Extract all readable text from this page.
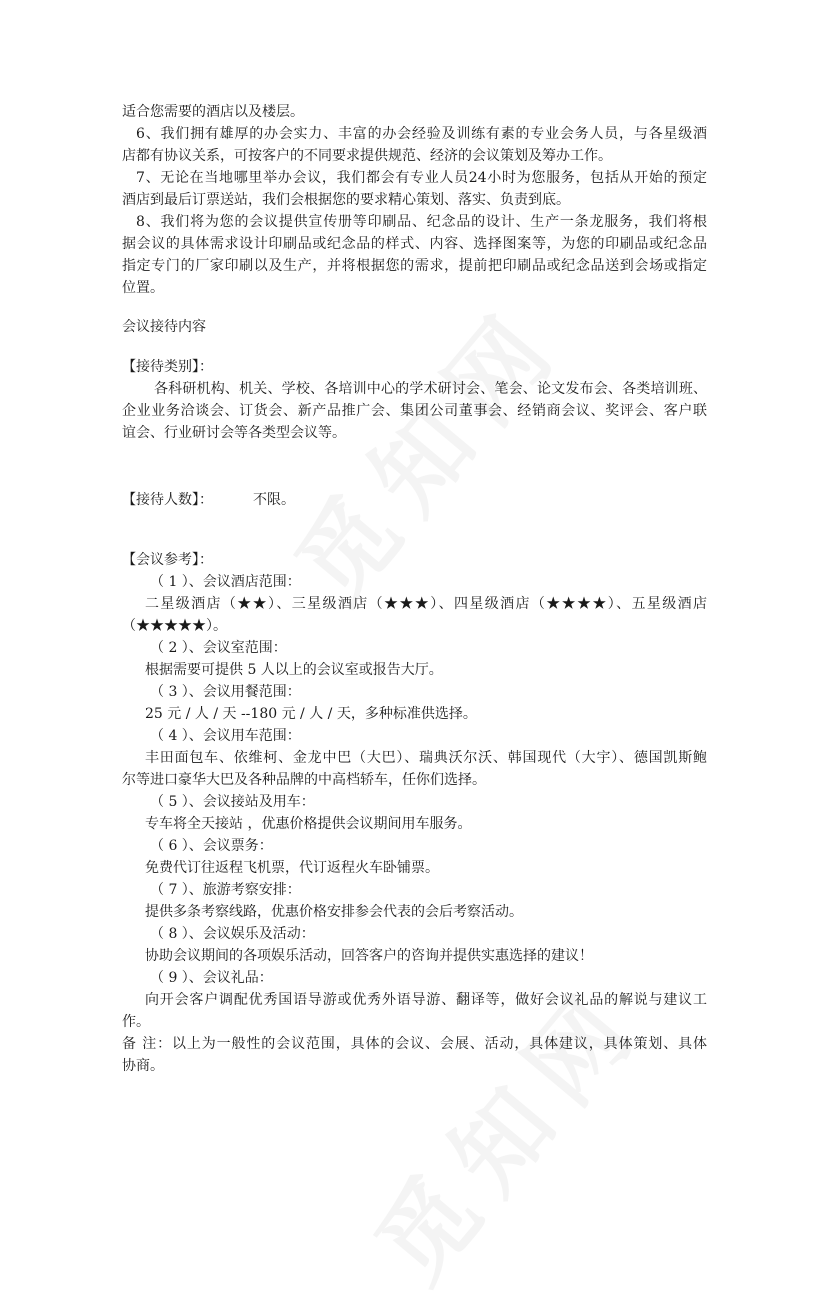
适合您需要的酒店以及楼层。
6、我们拥有雄厚的办会实力、丰富的办会经验及训练有素的专业会务人员，与各星级酒
店都有协议关系，可按客户的不同要求提供规范、经济的会议策划及筹办工作。
7、无论在当地哪里举办会议，我们都会有专业人员24小时为您服务，包括从开始的预定
酒店到最后订票送站，我们会根据您的要求精心策划、落实、负责到底。
8、我们将为您的会议提供宣传册等印刷品、纪念品的设计、生产一条龙服务，我们将根
据会议的具体需求设计印刷品或纪念品的样式、内容、选择图案等，为您的印刷品或纪念品
指定专门的厂家印刷以及生产，并将根据您的需求，提前把印刷品或纪念品送到会场或指定
位置。
会议接待内容
【接待类别】：
各科研机构、机关、学校、各培训中心的学术研讨会、笔会、论文发布会、各类培训班、
企业业务洽谈会、订货会、新产品推广会、集团公司董事会、经销商会议、奖评会、客户联
谊会、行业研讨会等各类型会议等。
【接待人数】：	不限。
【会议参考】：
（ 1 ）、会议酒店范围：
二星级酒店（★★）、三星级酒店（★★★）、四星级酒店（★★★★）、五星级酒店
（★★★★★）。
（ 2 ）、会议室范围：
根据需要可提供 5 人以上的会议室或报告大厅。
（ 3 ）、会议用餐范围：
25 元 / 人 / 天 --180 元 / 人 / 天，多种标准供选择。
（ 4 ）、会议用车范围：
丰田面包车、依维柯、金龙中巴（大巴）、瑞典沃尔沃、韩国现代（大宇）、德国凯斯鲍
尔等进口豪华大巴及各种品牌的中高档轿车，任你们选择。
（ 5 ）、会议接站及用车：
专车将全天接站 ，优惠价格提供会议期间用车服务。
（ 6 ）、会议票务：
免费代订往返程飞机票，代订返程火车卧铺票。
（ 7 ）、旅游考察安排：
提供多条考察线路，优惠价格安排参会代表的会后考察活动。
（ 8 ）、会议娱乐及活动：
协助会议期间的各项娱乐活动，回答客户的咨询并提供实惠选择的建议！
（ 9 ）、会议礼品：
向开会客户调配优秀国语导游或优秀外语导游、翻译等，做好会议礼品的解说与建议工
作。
备 注：以上为一般性的会议范围，具体的会议、会展、活动，具体建议，具体策划、具体
协商。
